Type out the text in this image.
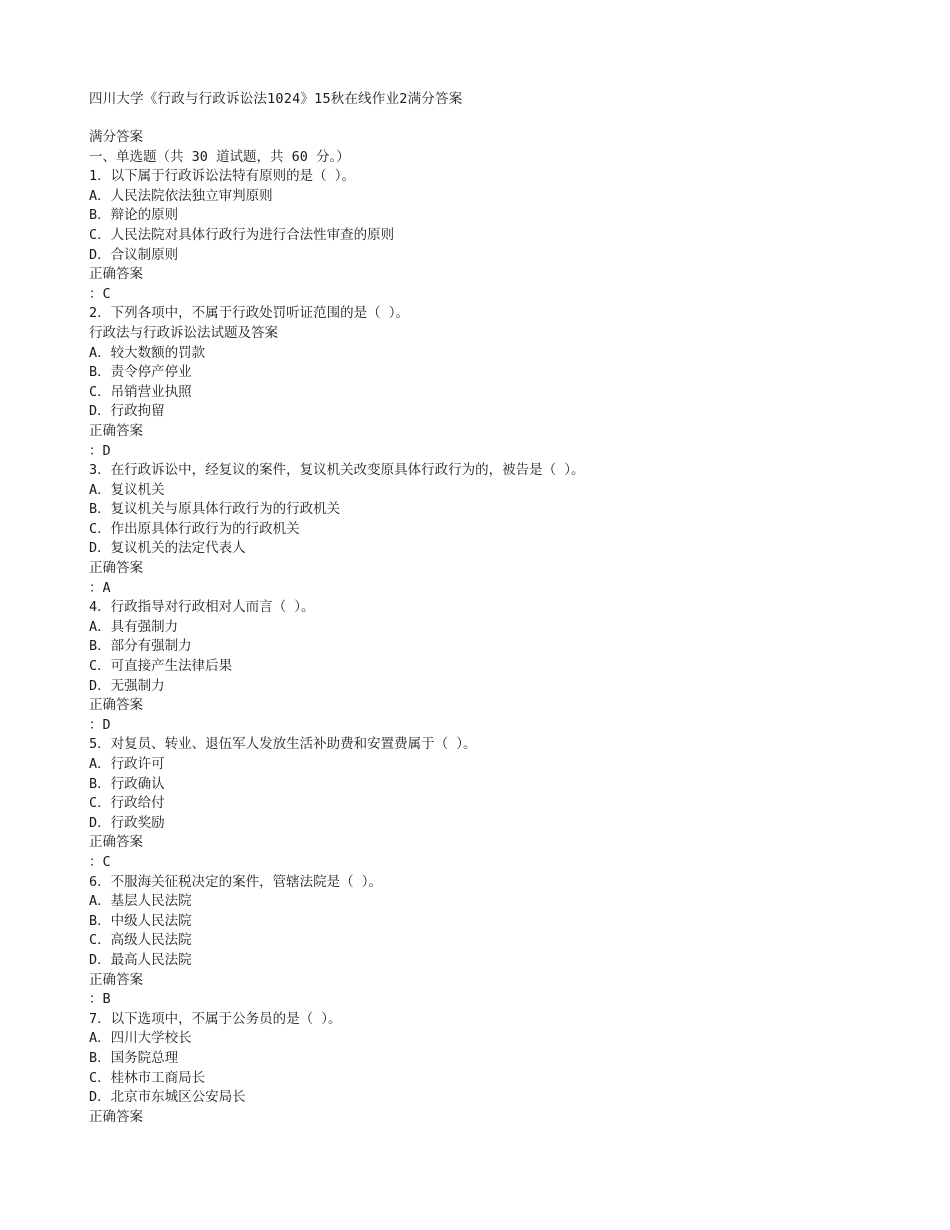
四川大学《行政与行政诉讼法1024》15秋在线作业2满分答案
满分答案
一、单选题（共 30 道试题，共 60 分。）
1．以下属于行政诉讼法特有原则的是（ ）。
A．人民法院依法独立审判原则
B．辩论的原则
C．人民法院对具体行政行为进行合法性审查的原则
D．合议制原则
正确答案
：C
2．下列各项中，不属于行政处罚听证范围的是（ ）。
行政法与行政诉讼法试题及答案
A．较大数额的罚款
B．责令停产停业
C．吊销营业执照
D．行政拘留
正确答案
：D
3．在行政诉讼中，经复议的案件，复议机关改变原具体行政行为的，被告是（ ）。
A．复议机关
B．复议机关与原具体行政行为的行政机关
C．作出原具体行政行为的行政机关
D．复议机关的法定代表人
正确答案
：A
4．行政指导对行政相对人而言（ ）。
A．具有强制力
B．部分有强制力
C．可直接产生法律后果
D．无强制力
正确答案
：D
5．对复员、转业、退伍军人发放生活补助费和安置费属于（ ）。
A．行政许可
B．行政确认
C．行政给付
D．行政奖励
正确答案
：C
6．不服海关征税决定的案件，管辖法院是（ ）。
A．基层人民法院
B．中级人民法院
C．高级人民法院
D．最高人民法院
正确答案
：B
7．以下选项中，不属于公务员的是（ ）。
A．四川大学校长
B．国务院总理
C．桂林市工商局长
D．北京市东城区公安局长
正确答案
